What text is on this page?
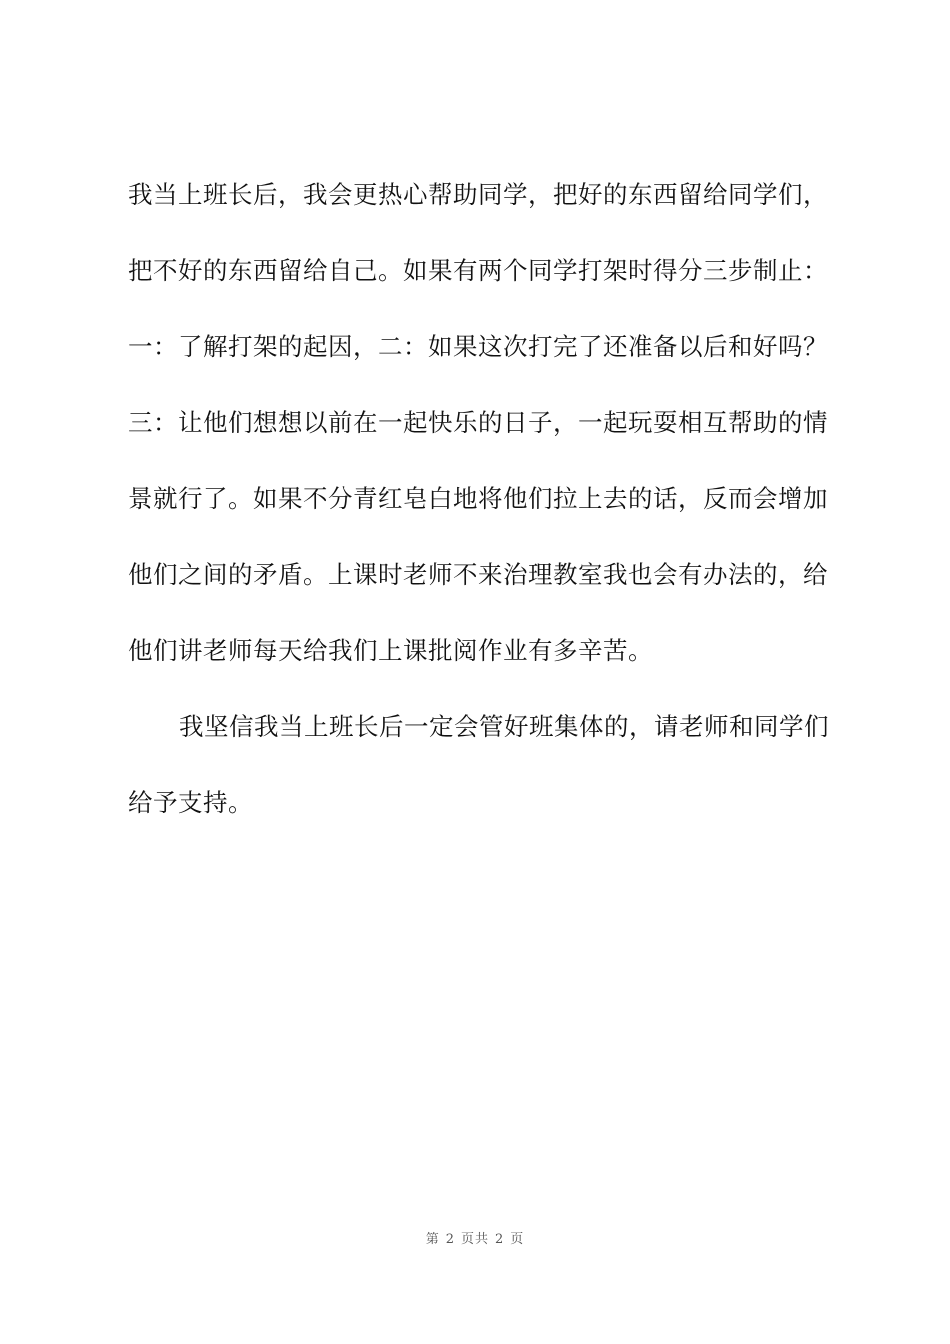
我当上班长后，我会更热心帮助同学，把好的东西留给同学们，
把不好的东西留给自己。如果有两个同学打架时得分三步制止：
一：了解打架的起因，二：如果这次打完了还准备以后和好吗？
三：让他们想想以前在一起快乐的日子，一起玩耍相互帮助的情
景就行了。如果不分青红皂白地将他们拉上去的话，反而会增加
他们之间的矛盾。上课时老师不来治理教室我也会有办法的，给
他们讲老师每天给我们上课批阅作业有多辛苦。
我坚信我当上班长后一定会管好班集体的，请老师和同学们
给予支持。
第 2 页共 2 页
